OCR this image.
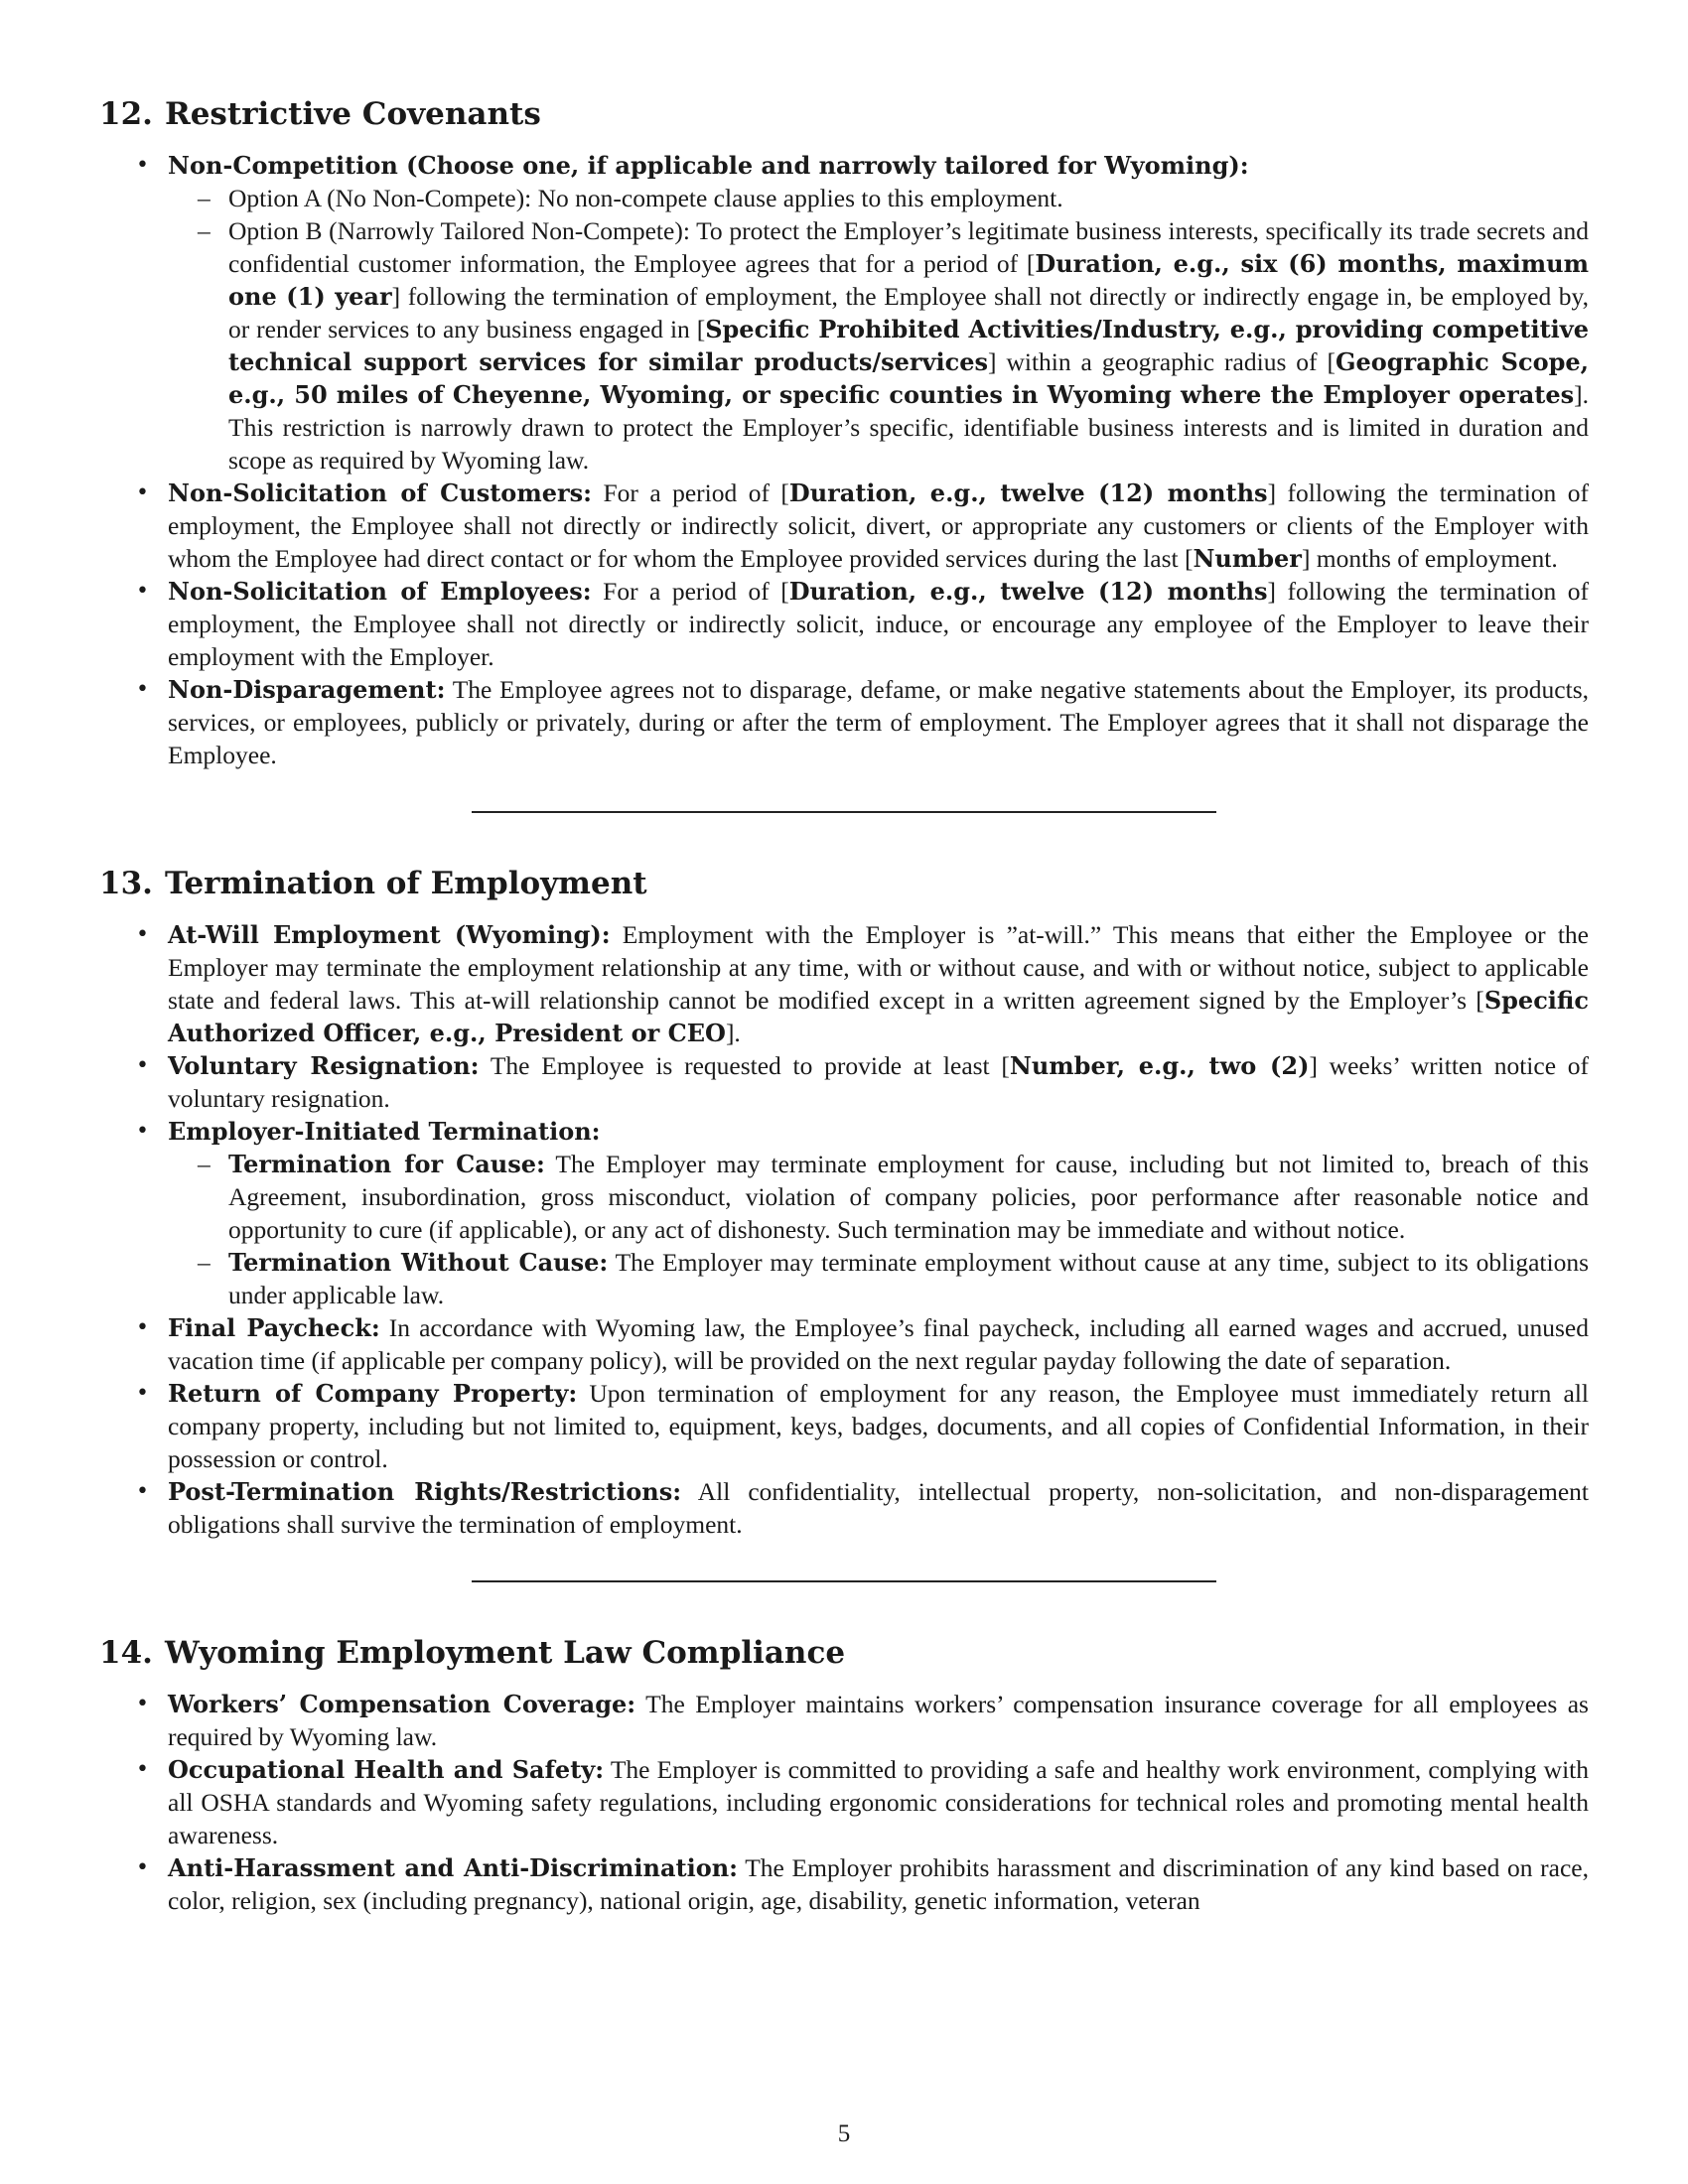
12. Restrictive Covenants
• Non-Competition (Choose one, if applicable and narrowly tailored for Wyoming):
– Option A (No Non-Compete): No non-compete clause applies to this employment.
– Option B (Narrowly Tailored Non-Compete): To protect the Employer’s legitimate business interests, specifically its trade secrets and confidential customer information, the Employee agrees that for a period of [Duration, e.g., six (6) months, maximum one (1) year] following the termination of employment, the Employee shall not directly or indirectly engage in, be employed by, or render services to any business engaged in [Specific Prohibited Activities/Industry, e.g., providing competitive technical support services for similar products/services] within a geographic radius of [Geographic Scope, e.g., 50 miles of Cheyenne, Wyoming, or specific counties in Wyoming where the Employer operates]. This restriction is narrowly drawn to protect the Employer’s specific, identifiable business interests and is limited in duration and scope as required by Wyoming law.
• Non-Solicitation of Customers: For a period of [Duration, e.g., twelve (12) months] following the termination of employment, the Employee shall not directly or indirectly solicit, divert, or appropriate any customers or clients of the Employer with whom the Employee had direct contact or for whom the Employee provided services during the last [Number] months of employment.
• Non-Solicitation of Employees: For a period of [Duration, e.g., twelve (12) months] following the termination of employment, the Employee shall not directly or indirectly solicit, induce, or encourage any employee of the Employer to leave their employment with the Employer.
• Non-Disparagement: The Employee agrees not to disparage, defame, or make negative statements about the Employer, its products, services, or employees, publicly or privately, during or after the term of employment. The Employer agrees that it shall not disparage the Employee.
13. Termination of Employment
• At-Will Employment (Wyoming): Employment with the Employer is ”at-will.” This means that either the Employee or the Employer may terminate the employment relationship at any time, with or without cause, and with or without notice, subject to applicable state and federal laws. This at-will relationship cannot be modified except in a written agreement signed by the Employer’s [Specific Authorized Officer, e.g., President or CEO].
• Voluntary Resignation: The Employee is requested to provide at least [Number, e.g., two (2)] weeks’ written notice of voluntary resignation.
• Employer-Initiated Termination:
– Termination for Cause: The Employer may terminate employment for cause, including but not limited to, breach of this Agreement, insubordination, gross misconduct, violation of company policies, poor performance after reasonable notice and opportunity to cure (if applicable), or any act of dishonesty. Such termination may be immediate and without notice.
– Termination Without Cause: The Employer may terminate employment without cause at any time, subject to its obligations under applicable law.
• Final Paycheck: In accordance with Wyoming law, the Employee’s final paycheck, including all earned wages and accrued, unused vacation time (if applicable per company policy), will be provided on the next regular payday following the date of separation.
• Return of Company Property: Upon termination of employment for any reason, the Employee must immediately return all company property, including but not limited to, equipment, keys, badges, documents, and all copies of Confidential Information, in their possession or control.
• Post-Termination Rights/Restrictions: All confidentiality, intellectual property, non-solicitation, and non-disparagement obligations shall survive the termination of employment.
14. Wyoming Employment Law Compliance
• Workers’ Compensation Coverage: The Employer maintains workers’ compensation insurance coverage for all employees as required by Wyoming law.
• Occupational Health and Safety: The Employer is committed to providing a safe and healthy work environment, complying with all OSHA standards and Wyoming safety regulations, including ergonomic considerations for technical roles and promoting mental health awareness.
• Anti-Harassment and Anti-Discrimination: The Employer prohibits harassment and discrimination of any kind based on race, color, religion, sex (including pregnancy), national origin, age, disability, genetic information, veteran
5
